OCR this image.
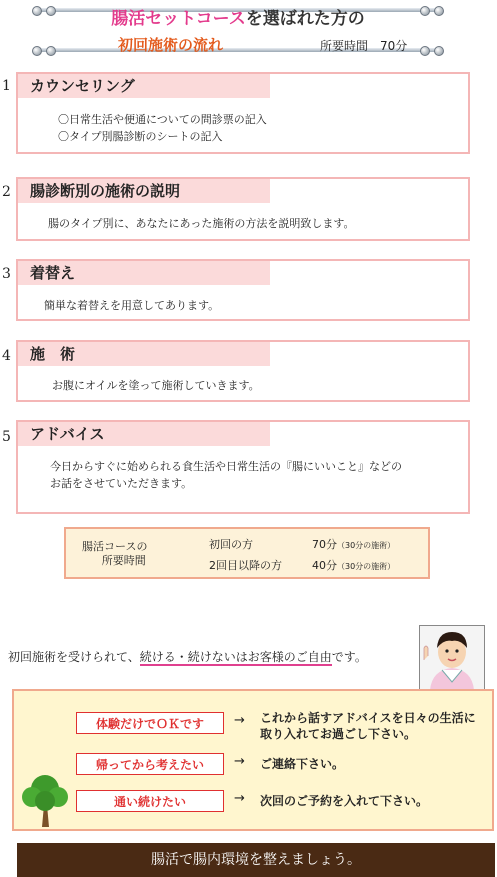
腸活セットコースを選ばれた方の
初回施術の流れ	所要時間　70分
1	カウンセリング
〇日常生活や便通についての問診票の記入
〇タイプ別腸診断のシートの記入
2	腸診断別の施術の説明
腸のタイプ別に、あなたにあった施術の方法を説明致します。
3	着替え
簡単な着替えを用意してあります。
4	施　術
お腹にオイルを塗って施術していきます。
5	アドバイス
今日からすぐに始められる食生活や日常生活の『腸にいいこと』などの
お話をさせていただきます。
腸活コースの
所要時間
初回の方	70分（30分の施術）
2回目以降の方	40分（30分の施術）
初回施術を受けられて、続ける・続けないはお客様のご自由です。
体験だけでＯＫです	→ これから話すアドバイスを日々の生活に取り入れてお過ごし下さい。
帰ってから考えたい	→ ご連絡下さい。
通い続けたい	→ 次回のご予約を入れて下さい。
腸活で腸内環境を整えましょう。
